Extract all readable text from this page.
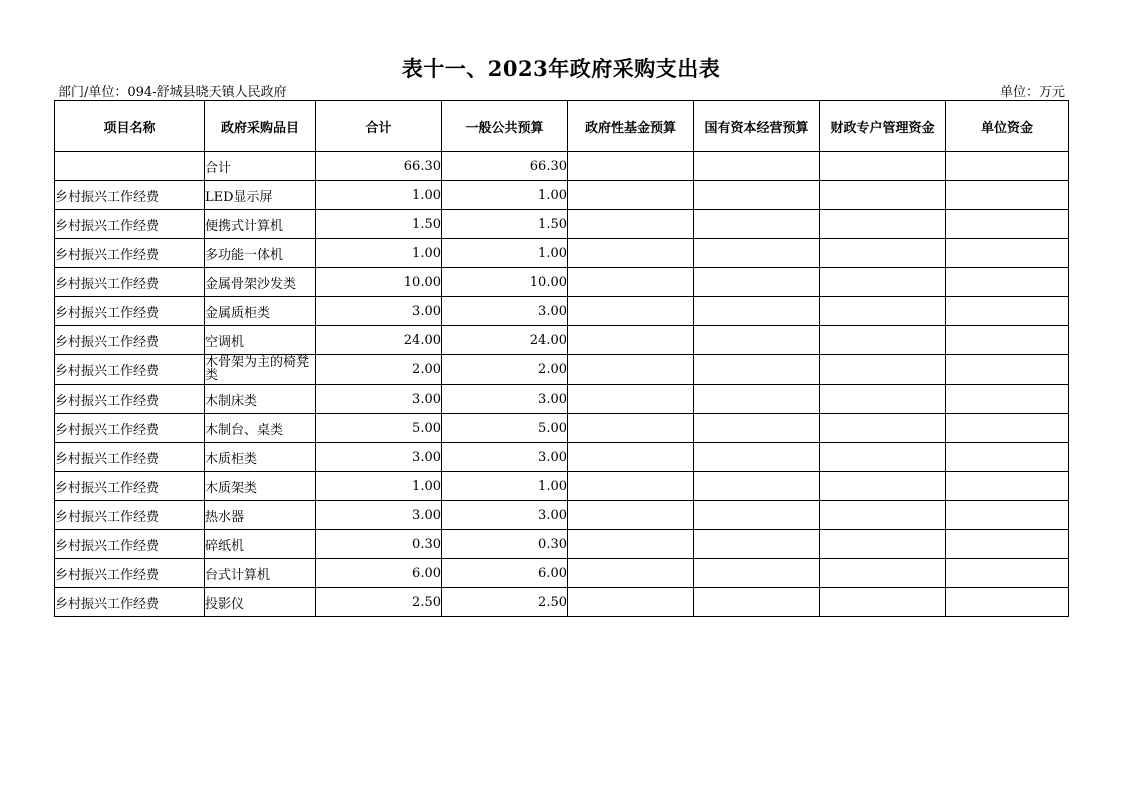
表十一、2023年政府采购支出表
部门/单位：094-舒城县晓天镇人民政府	单位：万元
项目名称	政府采购品目	合计	一般公共预算	政府性基金预算	国有资本经营预算	财政专户管理资金	单位资金
	合计	66.30	66.30				
乡村振兴工作经费	LED显示屏	1.00	1.00				
乡村振兴工作经费	便携式计算机	1.50	1.50				
乡村振兴工作经费	多功能一体机	1.00	1.00				
乡村振兴工作经费	金属骨架沙发类	10.00	10.00				
乡村振兴工作经费	金属质柜类	3.00	3.00				
乡村振兴工作经费	空调机	24.00	24.00				
乡村振兴工作经费	木骨架为主的椅凳类	2.00	2.00				
乡村振兴工作经费	木制床类	3.00	3.00				
乡村振兴工作经费	木制台、桌类	5.00	5.00				
乡村振兴工作经费	木质柜类	3.00	3.00				
乡村振兴工作经费	木质架类	1.00	1.00				
乡村振兴工作经费	热水器	3.00	3.00				
乡村振兴工作经费	碎纸机	0.30	0.30				
乡村振兴工作经费	台式计算机	6.00	6.00				
乡村振兴工作经费	投影仪	2.50	2.50				
